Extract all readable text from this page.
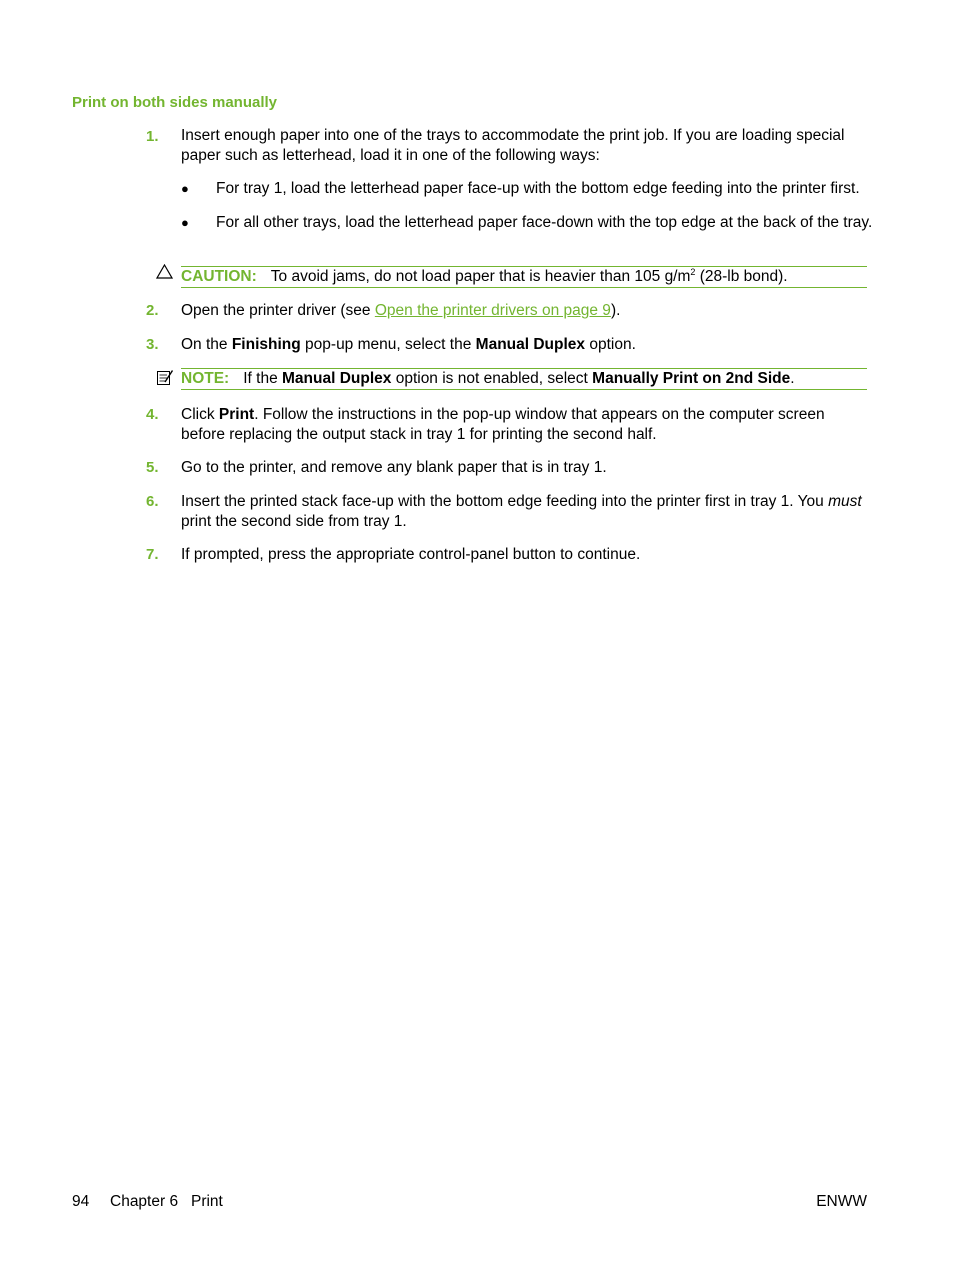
Print on both sides manually
1. Insert enough paper into one of the trays to accommodate the print job. If you are loading special paper such as letterhead, load it in one of the following ways:
● For tray 1, load the letterhead paper face-up with the bottom edge feeding into the printer first.
● For all other trays, load the letterhead paper face-down with the top edge at the back of the tray.
CAUTION: To avoid jams, do not load paper that is heavier than 105 $g/m^2$ (28-lb bond).
2. Open the printer driver (see Open the printer drivers on page 9).
3. On the Finishing pop-up menu, select the Manual Duplex option.
NOTE: If the Manual Duplex option is not enabled, select Manually Print on 2nd Side.
4. Click Print. Follow the instructions in the pop-up window that appears on the computer screen before replacing the output stack in tray 1 for printing the second half.
5. Go to the printer, and remove any blank paper that is in tray 1.
6. Insert the printed stack face-up with the bottom edge feeding into the printer first in tray 1. You must print the second side from tray 1.
7. If prompted, press the appropriate control-panel button to continue.
94 Chapter 6   Print	ENWW
